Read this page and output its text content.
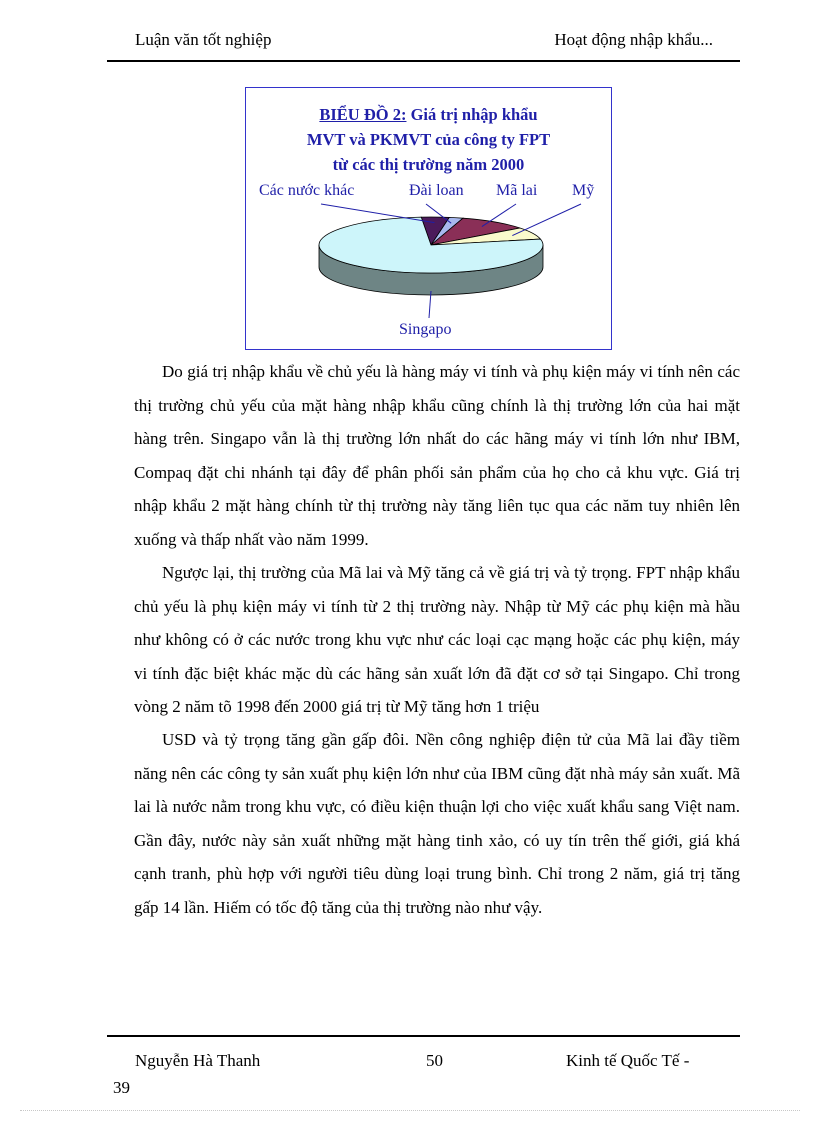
Luận văn tốt nghiệp	Hoạt động nhập khẩu...
BIỂU ĐỒ 2: Giá trị nhập khẩu
MVT và PKMVT của công ty FPT
từ các thị trường năm 2000
Các nước khác	Đài loan Mã lai Mỹ
Singapo

Do giá trị nhập khẩu về chủ yếu là hàng máy vi tính và phụ kiện máy vi tính nên các thị trường chủ yếu của mặt hàng nhập khẩu cũng chính là thị trường lớn của hai mặt hàng trên. Singapo vẫn là thị trường lớn nhất do các hãng máy vi tính lớn như IBM, Compaq đặt chi nhánh tại đây để phân phối sản phẩm của họ cho cả khu vực. Giá trị nhập khẩu 2 mặt hàng chính từ thị trường này tăng liên tục qua các năm tuy nhiên lên xuống và thấp nhất vào năm 1999.

Ngược lại, thị trường của Mã lai và Mỹ tăng cả về giá trị và tỷ trọng. FPT nhập khẩu chủ yếu là phụ kiện máy vi tính từ 2 thị trường này. Nhập từ Mỹ các phụ kiện mà hầu như không có ở các nước trong khu vực như các loại cạc mạng hoặc các phụ kiện, máy vi tính đặc biệt khác mặc dù các hãng sản xuất lớn đã đặt cơ sở tại Singapo. Chỉ trong vòng 2 năm tõ 1998 đến 2000 giá trị từ Mỹ tăng hơn 1 triệu

USD và tỷ trọng tăng gần gấp đôi. Nền công nghiệp điện tử của Mã lai đầy tiềm năng nên các công ty sản xuất phụ kiện lớn như của IBM cũng đặt nhà máy sản xuất. Mã lai là nước nằm trong khu vực, có điều kiện thuận lợi cho việc xuất khẩu sang Việt nam. Gần đây, nước này sản xuất những mặt hàng tinh xảo, có uy tín trên thế giới, giá khá cạnh tranh, phù hợp với người tiêu dùng loại trung bình. Chỉ trong 2 năm, giá trị tăng gấp 14 lần. Hiếm có tốc độ tăng của thị trường nào như vậy.

Nguyễn Hà Thanh	50	Kinh tế Quốc Tế -
39
